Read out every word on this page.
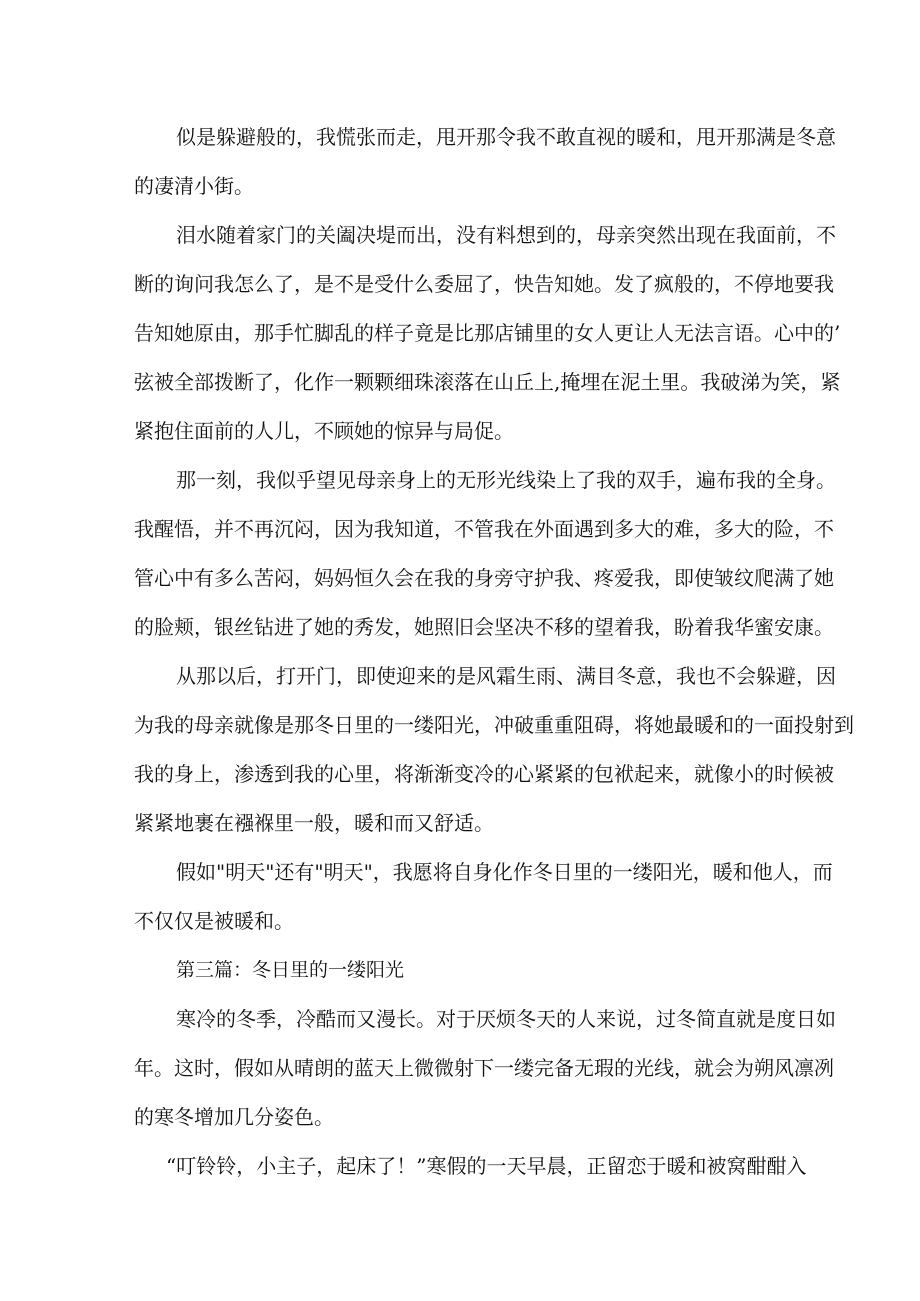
似是躲避般的，我慌张而走，甩开那令我不敢直视的暖和，甩开那满是冬意
的凄清小街。
泪水随着家门的关阖决堤而出，没有料想到的，母亲突然出现在我面前，不
断的询问我怎么了，是不是受什么委屈了，快告知她。发了疯般的，不停地要我
告知她原由，那手忙脚乱的样子竟是比那店铺里的女人更让人无法言语。心中的’
弦被全部拨断了，化作一颗颗细珠滚落在山丘上,掩埋在泥土里。我破涕为笑，紧
紧抱住面前的人儿，不顾她的惊异与局促。
那一刻，我似乎望见母亲身上的无形光线染上了我的双手，遍布我的全身。
我醒悟，并不再沉闷，因为我知道，不管我在外面遇到多大的难，多大的险，不
管心中有多么苦闷，妈妈恒久会在我的身旁守护我、疼爱我，即使皱纹爬满了她
的脸颊，银丝钻进了她的秀发，她照旧会坚决不移的望着我，盼着我华蜜安康。
从那以后，打开门，即使迎来的是风霜生雨、满目冬意，我也不会躲避，因
为我的母亲就像是那冬日里的一缕阳光，冲破重重阻碍，将她最暖和的一面投射到
我的身上，渗透到我的心里，将渐渐变冷的心紧紧的包袱起来，就像小的时候被
紧紧地裹在襁褓里一般，暖和而又舒适。
假如"明天"还有"明天"，我愿将自身化作冬日里的一缕阳光，暖和他人，而
不仅仅是被暖和。
第三篇：冬日里的一缕阳光
寒冷的冬季，冷酷而又漫长。对于厌烦冬天的人来说，过冬简直就是度日如
年。这时，假如从晴朗的蓝天上微微射下一缕完备无瑕的光线，就会为朔风凛冽
的寒冬增加几分姿色。
“叮铃铃，小主子，起床了！”寒假的一天早晨，正留恋于暖和被窝酣酣入
